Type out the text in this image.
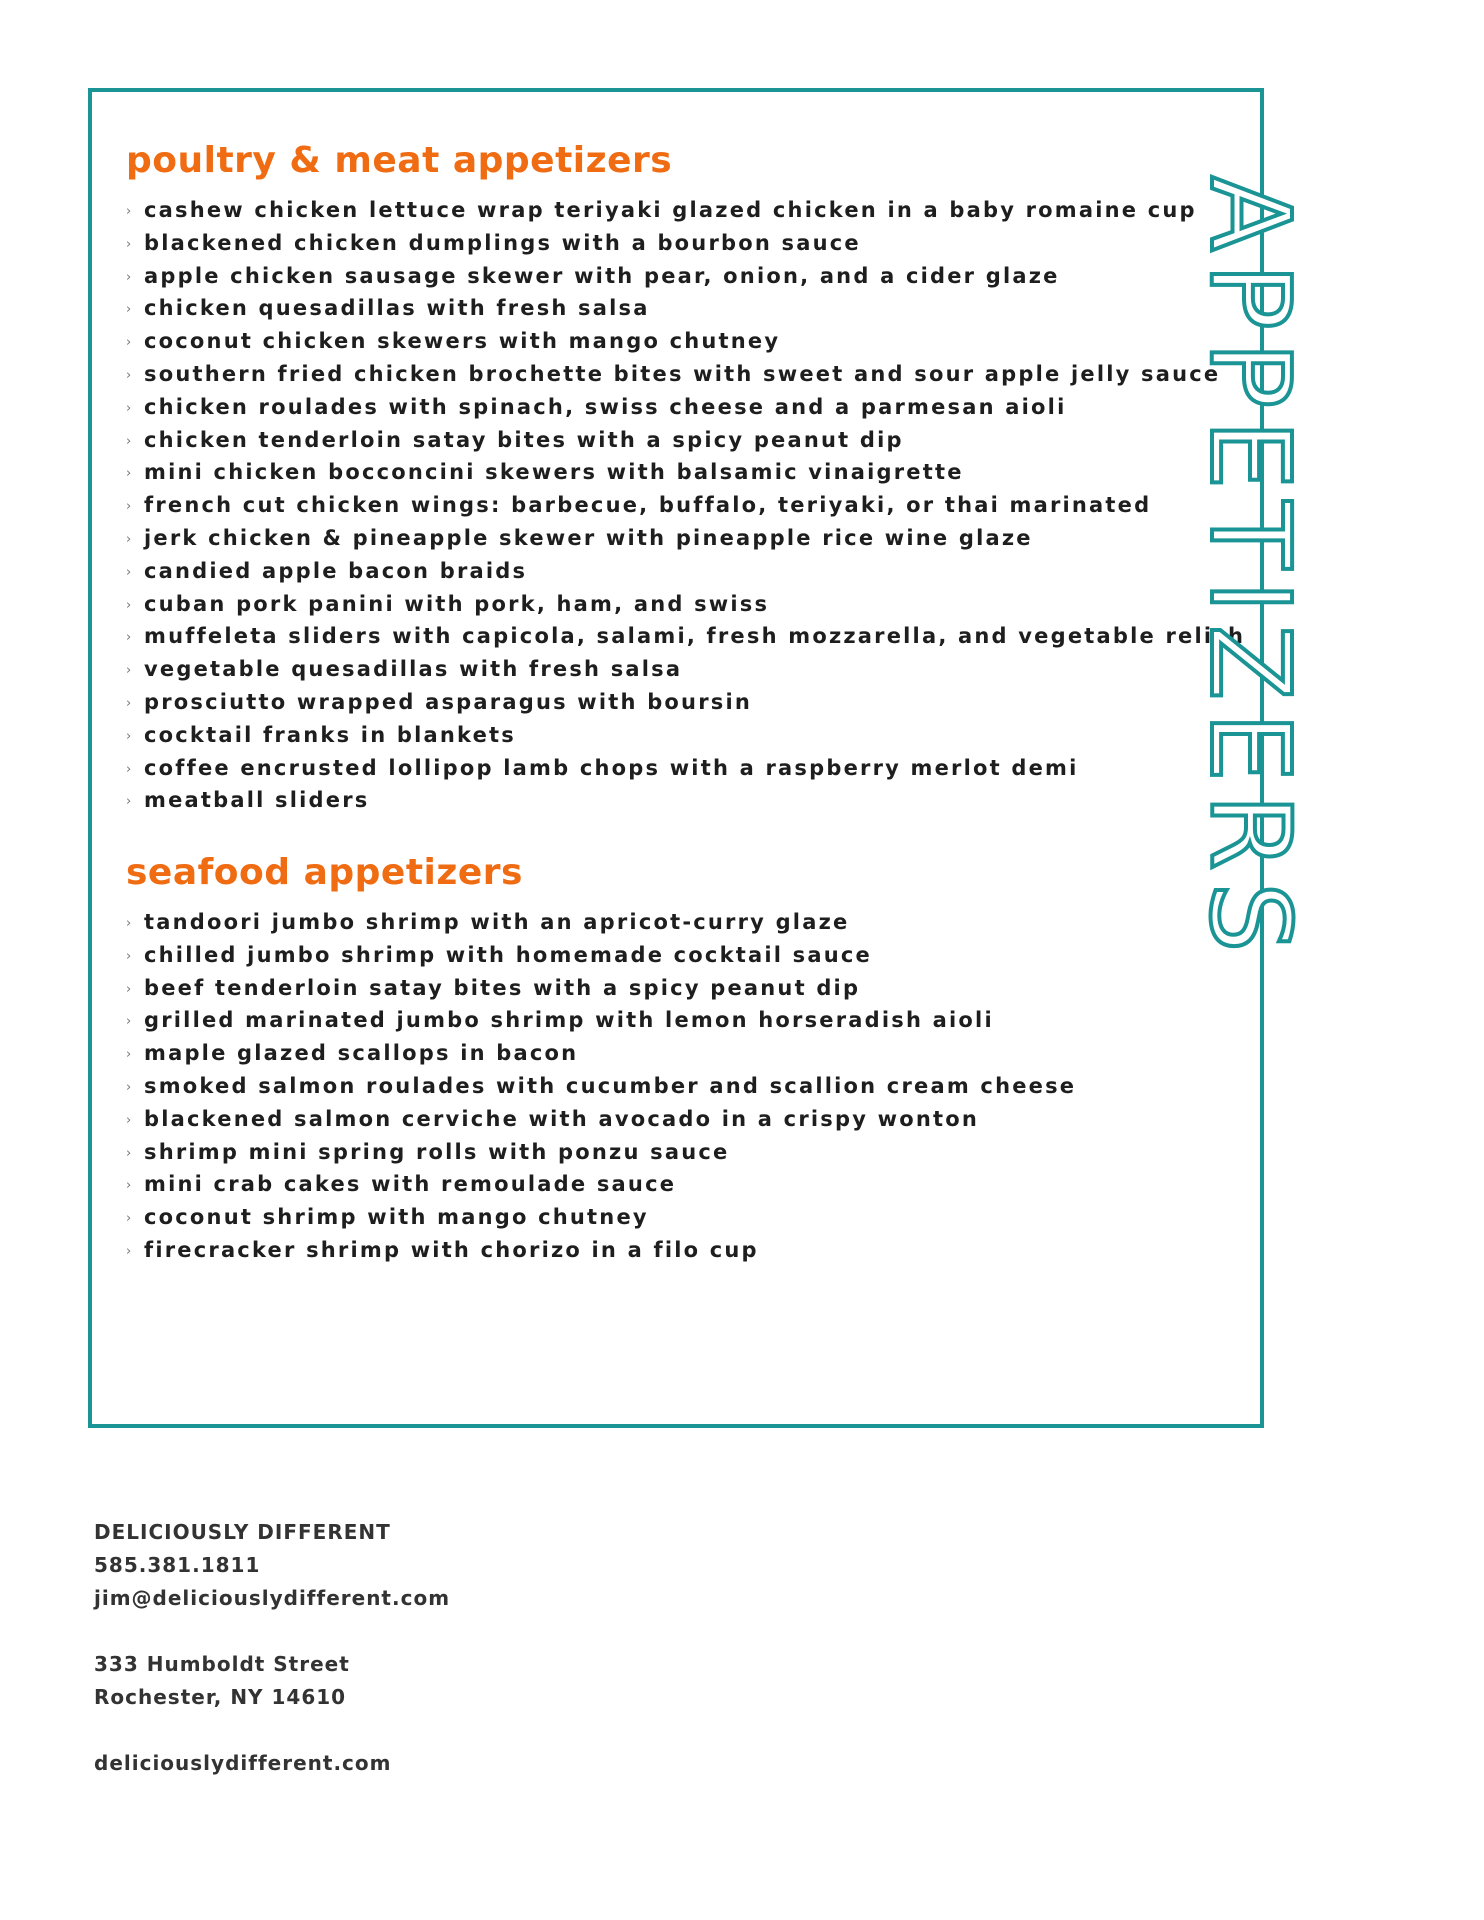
poultry & meat appetizers
› cashew chicken lettuce wrap teriyaki glazed chicken in a baby romaine cup
› blackened chicken dumplings with a bourbon sauce
› apple chicken sausage skewer with pear, onion, and a cider glaze
› chicken quesadillas with fresh salsa
› coconut chicken skewers with mango chutney
› southern fried chicken brochette bites with sweet and sour apple jelly sauce
› chicken roulades with spinach, swiss cheese and a parmesan aioli
› chicken tenderloin satay bites with a spicy peanut dip
› mini chicken bocconcini skewers with balsamic vinaigrette
› french cut chicken wings: barbecue, buffalo, teriyaki, or thai marinated
› jerk chicken & pineapple skewer with pineapple rice wine glaze
› candied apple bacon braids
› cuban pork panini with pork, ham, and swiss
› muffeleta sliders with capicola, salami, fresh mozzarella, and vegetable relish
› vegetable quesadillas with fresh salsa
› prosciutto wrapped asparagus with boursin
› cocktail franks in blankets
› coffee encrusted lollipop lamb chops with a raspberry merlot demi
› meatball sliders
seafood appetizers
› tandoori jumbo shrimp with an apricot-curry glaze
› chilled jumbo shrimp with homemade cocktail sauce
› beef tenderloin satay bites with a spicy peanut dip
› grilled marinated jumbo shrimp with lemon horseradish aioli
› maple glazed scallops in bacon
› smoked salmon roulades with cucumber and scallion cream cheese
› blackened salmon cerviche with avocado in a crispy wonton
› shrimp mini spring rolls with ponzu sauce
› mini crab cakes with remoulade sauce
› coconut shrimp with mango chutney
› firecracker shrimp with chorizo in a filo cup
APPETIZERS
DELICIOUSLY DIFFERENT
585.381.1811
jim@deliciouslydifferent.com
333 Humboldt Street
Rochester, NY 14610
deliciouslydifferent.com
